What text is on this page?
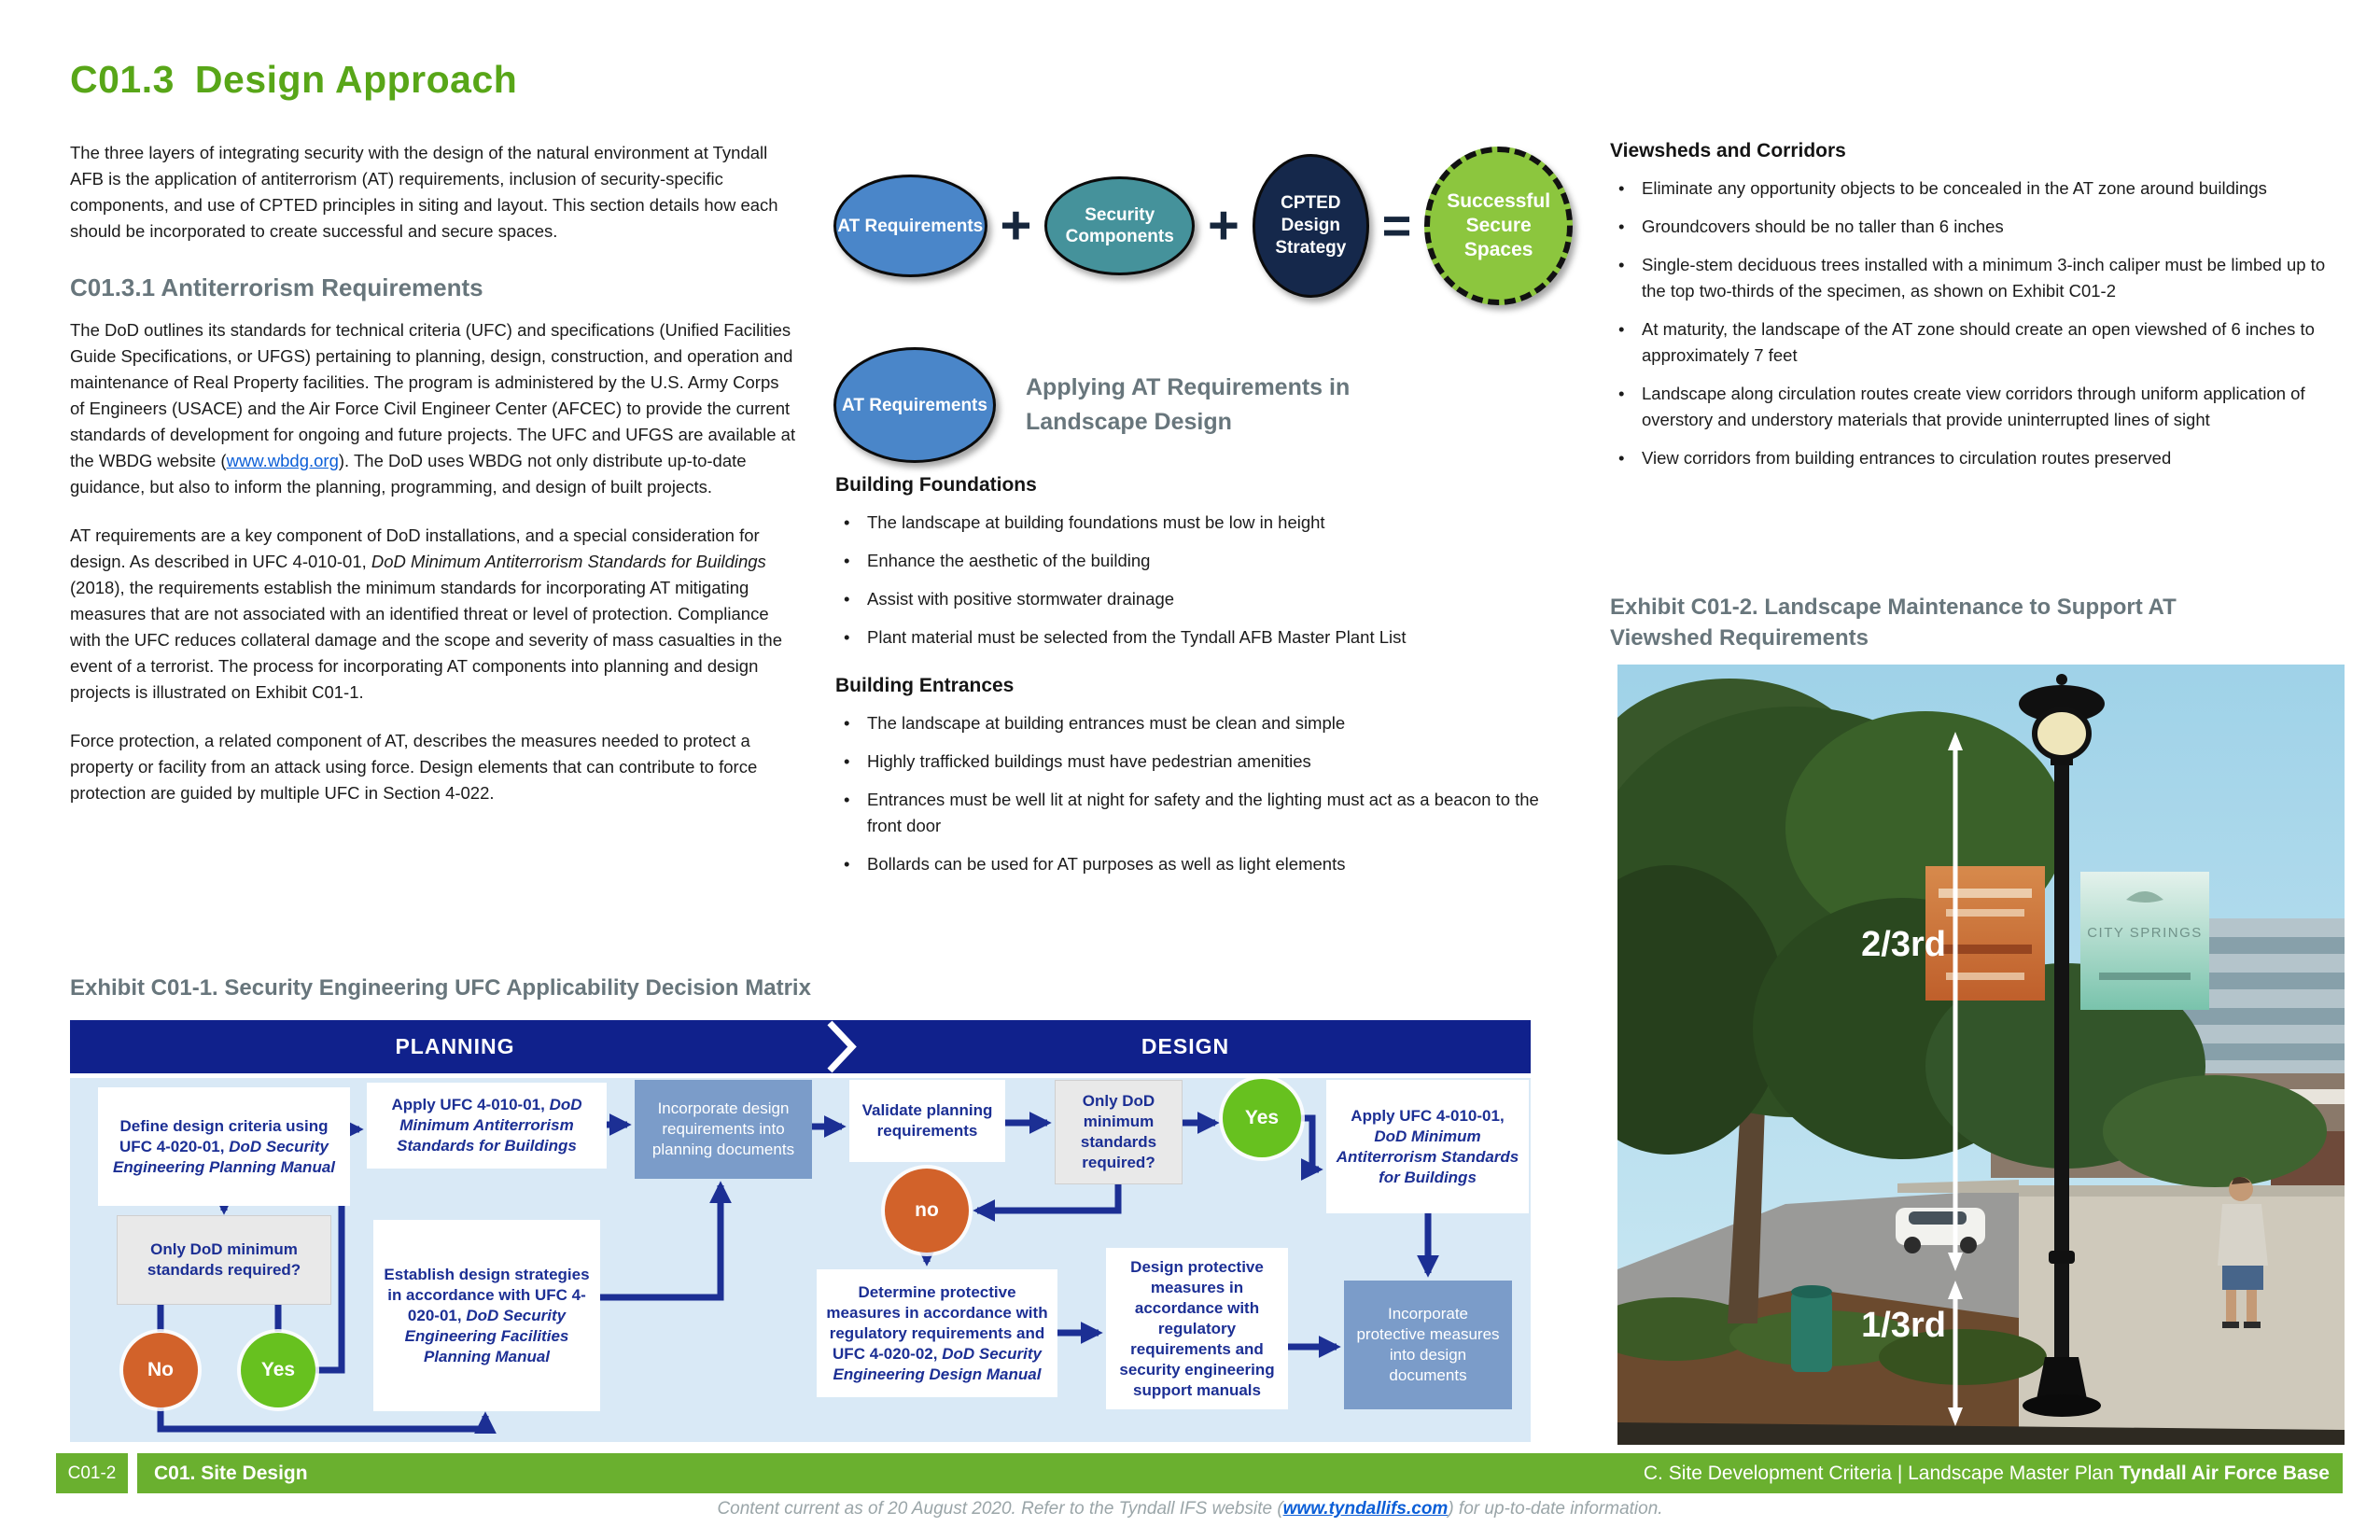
C01.3 Design Approach

The three layers of integrating security with the design of the natural environment at Tyndall AFB is the application of antiterrorism (AT) requirements, inclusion of security-specific components, and use of CPTED principles in siting and layout. This section details how each should be incorporated to create successful and secure spaces.

C01.3.1 Antiterrorism Requirements

The DoD outlines its standards for technical criteria (UFC) and specifications (Unified Facilities Guide Specifications, or UFGS) pertaining to planning, design, construction, and operation and maintenance of Real Property facilities. The program is administered by the U.S. Army Corps of Engineers (USACE) and the Air Force Civil Engineer Center (AFCEC) to provide the current standards of development for ongoing and future projects. The UFC and UFGS are available at the WBDG website (www.wbdg.org). The DoD uses WBDG not only distribute up-to-date guidance, but also to inform the planning, programming, and design of built projects.

AT requirements are a key component of DoD installations, and a special consideration for design. As described in UFC 4-010-01, DoD Minimum Antiterrorism Standards for Buildings (2018), the requirements establish the minimum standards for incorporating AT mitigating measures that are not associated with an identified threat or level of protection. Compliance with the UFC reduces collateral damage and the scope and severity of mass casualties in the event of a terrorist. The process for incorporating AT components into planning and design projects is illustrated on Exhibit C01-1.

Force protection, a related component of AT, describes the measures needed to protect a property or facility from an attack using force. Design elements that can contribute to force protection are guided by multiple UFC in Section 4-022.

AT Requirements +	Security Components +	CPTED Design Strategy =	Successful Secure Spaces
AT Requirements
Applying AT Requirements in Landscape Design
Building Foundations
• The landscape at building foundations must be low in height
• Enhance the aesthetic of the building
• Assist with positive stormwater drainage
• Plant material must be selected from the Tyndall AFB Master Plant List
Building Entrances
• The landscape at building entrances must be clean and simple
• Highly trafficked buildings must have pedestrian amenities
• Entrances must be well lit at night for safety and the lighting must act as a beacon to the front door
• Bollards can be used for AT purposes as well as light elements
Viewsheds and Corridors
• Eliminate any opportunity objects to be concealed in the AT zone around buildings
• Groundcovers should be no taller than 6 inches
• Single-stem deciduous trees installed with a minimum 3-inch caliper must be limbed up to the top two-thirds of the specimen, as shown on Exhibit C01-2
• At maturity, the landscape of the AT zone should create an open viewshed of 6 inches to approximately 7 feet
• Landscape along circulation routes create view corridors through uniform application of overstory and understory materials that provide uninterrupted lines of sight
• View corridors from building entrances to circulation routes preserved
Exhibit C01-2. Landscape Maintenance to Support AT
Viewshed Requirements
CITY SPRINGS
2/3rd
1/3rd
Exhibit C01-1. Security Engineering UFC Applicability Decision Matrix
PLANNING	DESIGN
Define design criteria using UFC 4-020-01, DoD Security Engineering Planning Manual
Only DoD minimum standards required?
No	Yes
Apply UFC 4-010-01, DoD Minimum Antiterrorism Standards for Buildings
Establish design strategies in accordance with UFC 4-020-01, DoD Security Engineering Facilities Planning Manual
Incorporate design requirements into planning documents
Validate planning requirements
Only DoD minimum standards required?
Yes
no
Determine protective measures in accordance with regulatory requirements and UFC 4-020-02, DoD Security Engineering Design Manual
Design protective measures in accordance with regulatory requirements and security engineering support manuals
Apply UFC 4-010-01, DoD Minimum Antiterrorism Standards for Buildings
Incorporate protective measures into design documents
C01-2	C01. Site Design	C. Site Development Criteria | Landscape Master Plan Tyndall Air Force Base
Content current as of 20 August 2020. Refer to the Tyndall IFS website (www.tyndallifs.com) for up-to-date information.
